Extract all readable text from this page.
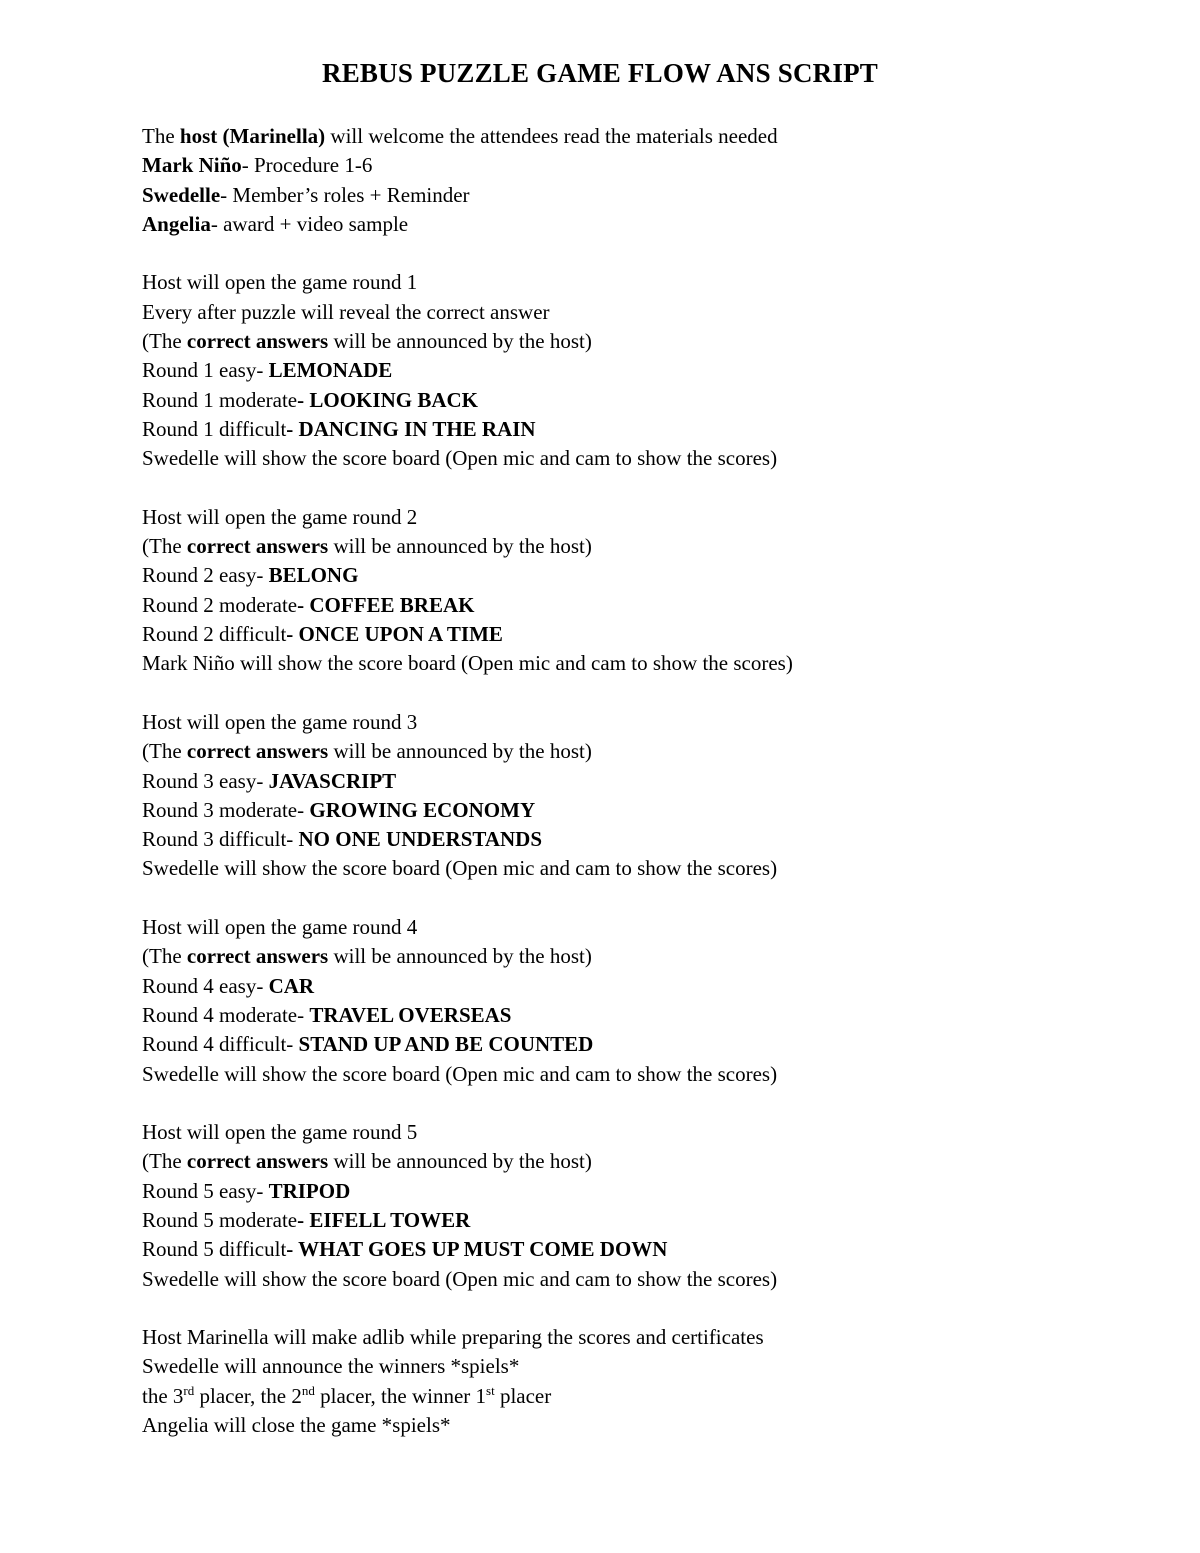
REBUS PUZZLE GAME FLOW ANS SCRIPT
The host (Marinella) will welcome the attendees read the materials needed
Mark Niño- Procedure 1-6
Swedelle- Member’s roles + Reminder
Angelia- award + video sample
Host will open the game round 1
Every after puzzle will reveal the correct answer
(The correct answers will be announced by the host)
Round 1 easy- LEMONADE
Round 1 moderate- LOOKING BACK
Round 1 difficult- DANCING IN THE RAIN
Swedelle will show the score board (Open mic and cam to show the scores)
Host will open the game round 2
(The correct answers will be announced by the host)
Round 2 easy- BELONG
Round 2 moderate- COFFEE BREAK
Round 2 difficult- ONCE UPON A TIME
Mark Niño will show the score board (Open mic and cam to show the scores)
Host will open the game round 3
(The correct answers will be announced by the host)
Round 3 easy- JAVASCRIPT
Round 3 moderate- GROWING ECONOMY
Round 3 difficult- NO ONE UNDERSTANDS
Swedelle will show the score board (Open mic and cam to show the scores)
Host will open the game round 4
(The correct answers will be announced by the host)
Round 4 easy- CAR
Round 4 moderate- TRAVEL OVERSEAS
Round 4 difficult- STAND UP AND BE COUNTED
Swedelle will show the score board (Open mic and cam to show the scores)
Host will open the game round 5
(The correct answers will be announced by the host)
Round 5 easy- TRIPOD
Round 5 moderate- EIFELL TOWER
Round 5 difficult- WHAT GOES UP MUST COME DOWN
Swedelle will show the score board (Open mic and cam to show the scores)
Host Marinella will make adlib while preparing the scores and certificates
Swedelle will announce the winners *spiels*
the 3rd placer, the 2nd placer, the winner 1st placer
Angelia will close the game *spiels*
